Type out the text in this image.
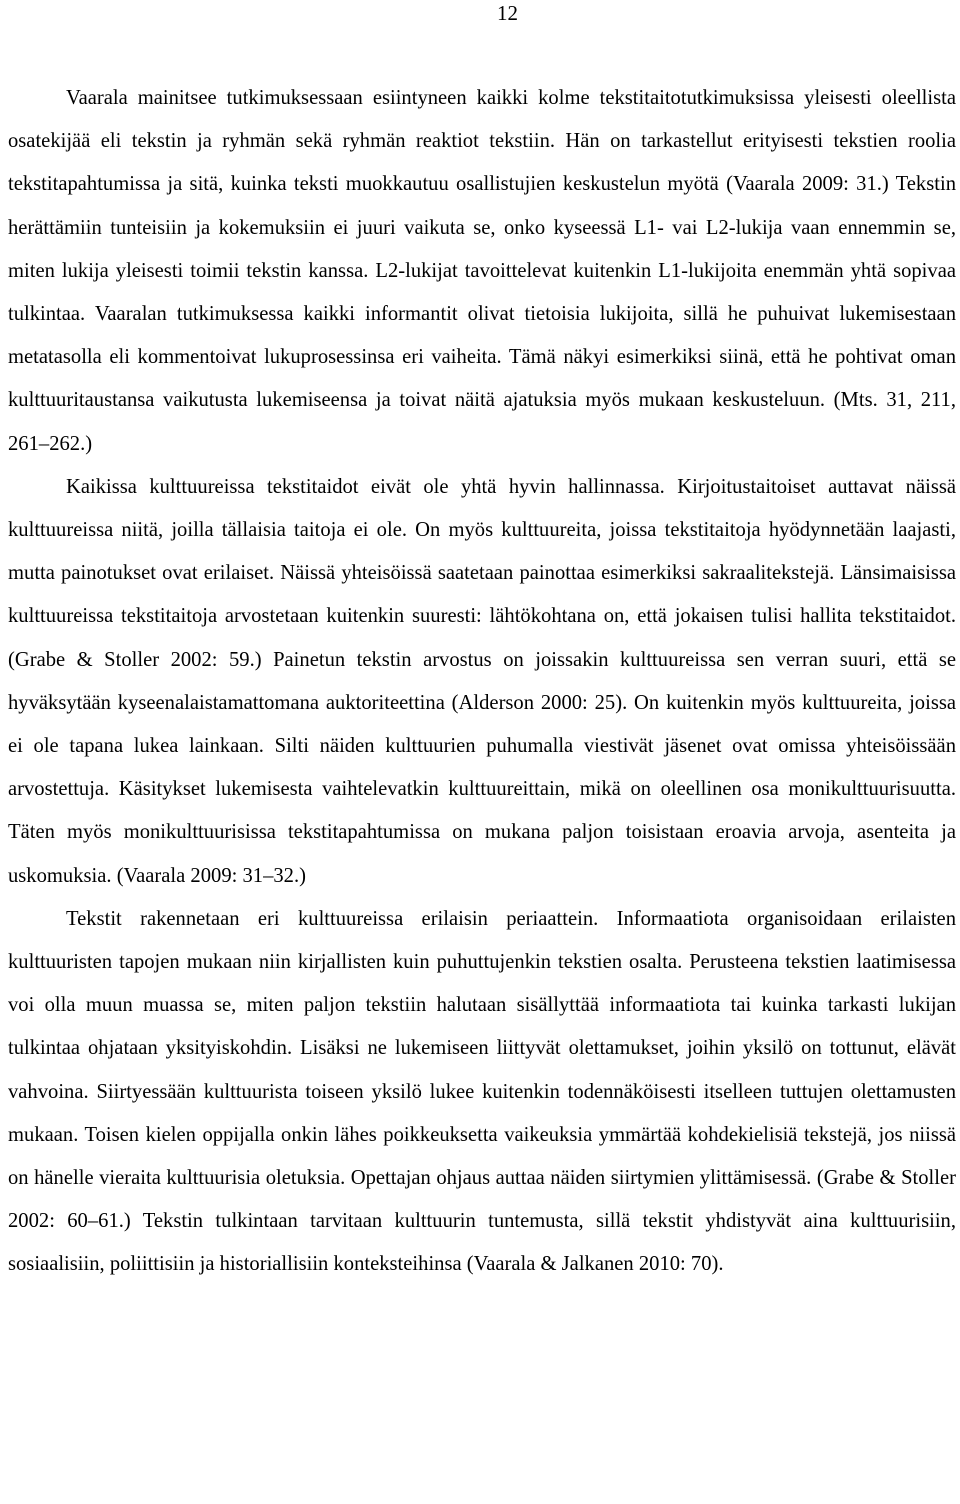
12

Vaarala mainitsee tutkimuksessaan esiintyneen kaikki kolme tekstitaitotutkimuksissa yleisesti oleellista osatekijää eli tekstin ja ryhmän sekä ryhmän reaktiot tekstiin. Hän on tarkastellut erityisesti tekstien roolia tekstitapahtumissa ja sitä, kuinka teksti muokkautuu osallistujien keskustelun myötä (Vaarala 2009: 31.) Tekstin herättämiin tunteisiin ja kokemuksiin ei juuri vaikuta se, onko kyseessä L1- vai L2-lukija vaan ennemmin se, miten lukija yleisesti toimii tekstin kanssa. L2-lukijat tavoittelevat kuitenkin L1-lukijoita enemmän yhtä sopivaa tulkintaa. Vaaralan tutkimuksessa kaikki informantit olivat tietoisia lukijoita, sillä he puhuivat lukemisestaan metatasolla eli kommentoivat lukuprosessinsa eri vaiheita. Tämä näkyi esimerkiksi siinä, että he pohtivat oman kulttuuritaustansa vaikutusta lukemiseensa ja toivat näitä ajatuksia myös mukaan keskusteluun. (Mts. 31, 211, 261–262.)

Kaikissa kulttuureissa tekstitaidot eivät ole yhtä hyvin hallinnassa. Kirjoitustaitoiset auttavat näissä kulttuureissa niitä, joilla tällaisia taitoja ei ole. On myös kulttuureita, joissa tekstitaitoja hyödynnetään laajasti, mutta painotukset ovat erilaiset. Näissä yhteisöissä saatetaan painottaa esimerkiksi sakraalitekstejä. Länsimaisissa kulttuureissa tekstitaitoja arvostetaan kuitenkin suuresti: lähtökohtana on, että jokaisen tulisi hallita tekstitaidot. (Grabe & Stoller 2002: 59.) Painetun tekstin arvostus on joissakin kulttuureissa sen verran suuri, että se hyväksytään kyseenalaistamattomana auktoriteettina (Alderson 2000: 25). On kuitenkin myös kulttuureita, joissa ei ole tapana lukea lainkaan. Silti näiden kulttuurien puhumalla viestivät jäsenet ovat omissa yhteisöissään arvostettuja. Käsitykset lukemisesta vaihtelevatkin kulttuureittain, mikä on oleellinen osa monikulttuurisuutta. Täten myös monikulttuurisissa tekstitapahtumissa on mukana paljon toisistaan eroavia arvoja, asenteita ja uskomuksia. (Vaarala 2009: 31–32.)

Tekstit rakennetaan eri kulttuureissa erilaisin periaattein. Informaatiota organisoidaan erilaisten kulttuuristen tapojen mukaan niin kirjallisten kuin puhuttujenkin tekstien osalta. Perusteena tekstien laatimisessa voi olla muun muassa se, miten paljon tekstiin halutaan sisällyttää informaatiota tai kuinka tarkasti lukijan tulkintaa ohjataan yksityiskohdin. Lisäksi ne lukemiseen liittyvät olettamukset, joihin yksilö on tottunut, elävät vahvoina. Siirtyessään kulttuurista toiseen yksilö lukee kuitenkin todennäköisesti itselleen tuttujen olettamusten mukaan. Toisen kielen oppijalla onkin lähes poikkeuksetta vaikeuksia ymmärtää kohdekielisiä tekstejä, jos niissä on hänelle vieraita kulttuurisia oletuksia. Opettajan ohjaus auttaa näiden siirtymien ylittämisessä. (Grabe & Stoller 2002: 60–61.) Tekstin tulkintaan tarvitaan kulttuurin tuntemusta, sillä tekstit yhdistyvät aina kulttuurisiin, sosiaalisiin, poliittisiin ja historiallisiin konteksteihinsa (Vaarala & Jalkanen 2010: 70).
